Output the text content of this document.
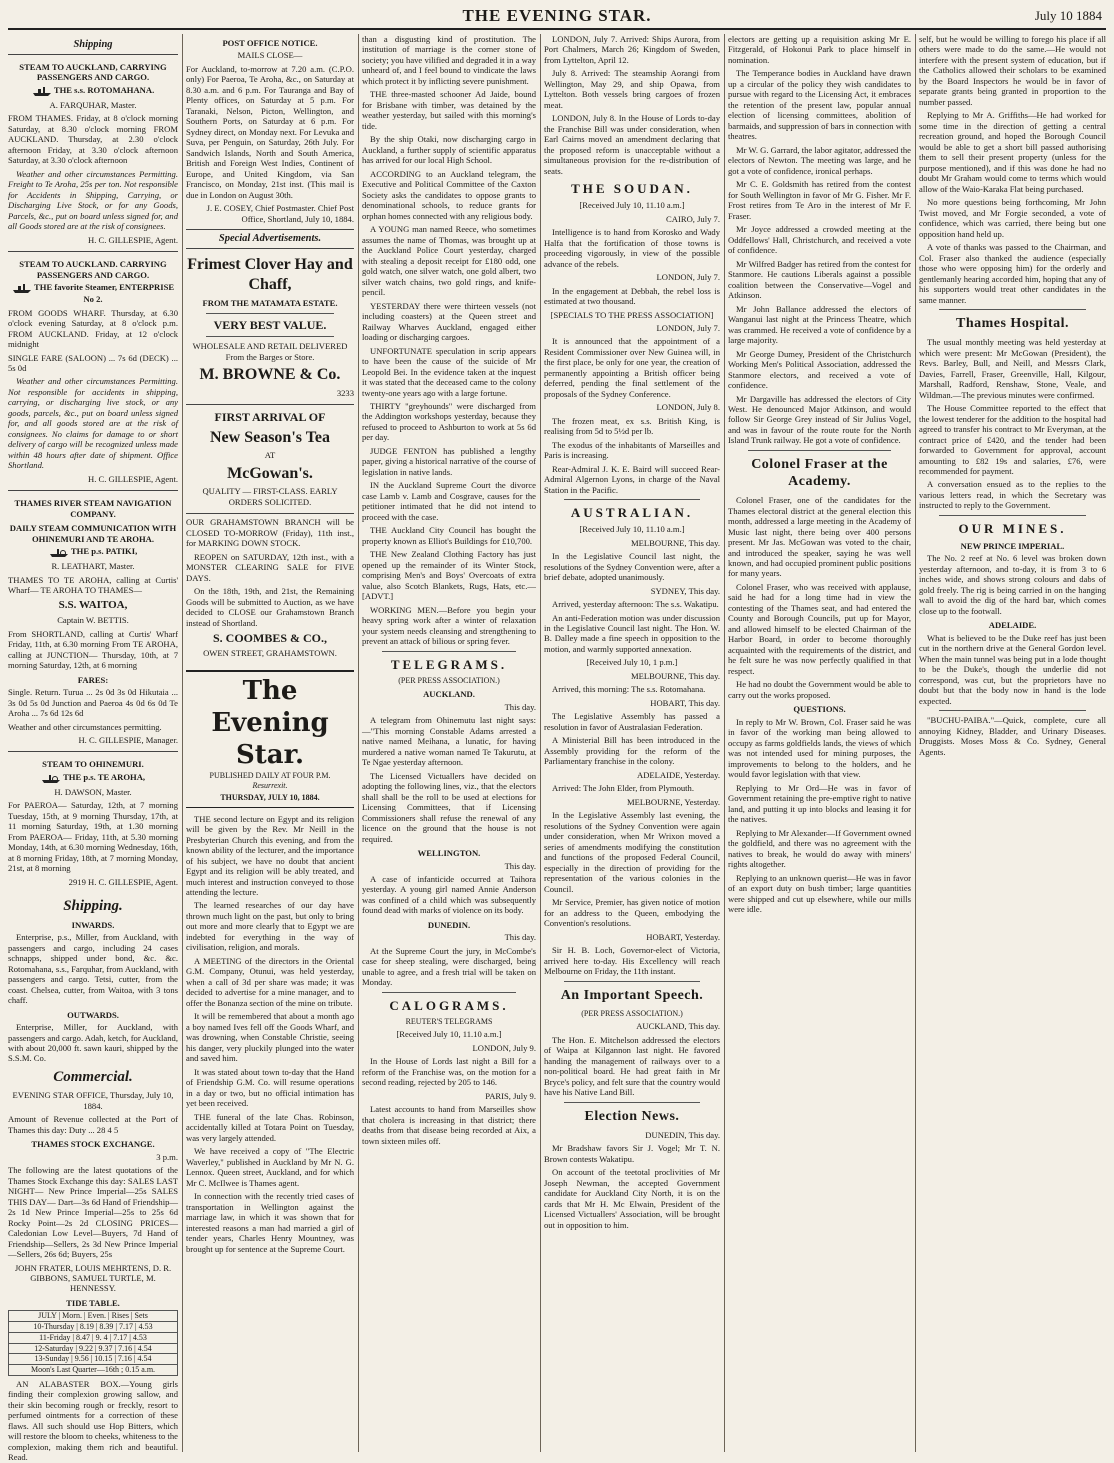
THE EVENING STAR.	July 10 1884
Shipping

STEAM TO AUCKLAND, CARRYING PASSENGERS AND CARGO.

THE s.s. ROTOMAHANA.

A. FARQUHAR, Master.

FROM THAMES. Friday, at 8 o'clock morning Saturday, at 8.30 o'clock morning FROM AUCKLAND. Thursday, at 2.30 o'clock afternoon Friday, at 3.30 o'clock afternoon Saturday, at 3.30 o'clock afternoon

Weather and other circumstances Permitting. Freight to Te Aroha, 25s per ton. Not responsible for Accidents in Shipping, Carrying, or Discharging Live Stock, or for any Goods, Parcels, &c., put on board unless signed for, and all Goods stored are at the risk of consignees.

H. C. GILLESPIE, Agent.

STEAM TO AUCKLAND. CARRYING PASSENGERS AND CARGO.

THE favorite Steamer, ENTERPRISE No 2.

FROM GOODS WHARF. Thursday, at 6.30 o'clock evening Saturday, at 8 o'clock p.m. FROM AUCKLAND. Friday, at 12 o'clock midnight

SINGLE FARE (SALOON) ... 7s 6d (DECK) ... 5s 0d

Weather and other circumstances Permitting. Not responsible for accidents in shipping, carrying, or discharging live stock, or any goods, parcels, &c., put on board unless signed for, and all goods stored are at the risk of consignees. No claims for damage to or short delivery of cargo will be recognized unless made within 48 hours after date of shipment. Office Shortland.

H. C. GILLESPIE, Agent.

THAMES RIVER STEAM NAVIGATION COMPANY.

DAILY STEAM COMMUNICATION WITH OHINEMURI AND TE AROHA.

THE p.s. PATIKI,

R. LEATHART, Master.

THAMES TO TE AROHA, calling at Curtis' Wharf— TE AROHA TO THAMES—

S.S. WAITOA,

Captain W. BETTIS.

From SHORTLAND, calling at Curtis' Wharf Friday, 11th, at 6.30 morning From TE AROHA, calling at JUNCTION— Thursday, 10th, at 7 morning Saturday, 12th, at 6 morning

FARES:

Single. Return. Turua ... 2s 0d 3s 0d Hikutaia ... 3s 0d 5s 0d Junction and Paeroa 4s 0d 6s 0d Te Aroha ... 7s 6d 12s 6d

Weather and other circumstances permitting.

H. C. GILLESPIE, Manager.

STEAM TO OHINEMURI.

THE p.s. TE AROHA,

H. DAWSON, Master.

For PAEROA— Saturday, 12th, at 7 morning Tuesday, 15th, at 9 morning Thursday, 17th, at 11 morning Saturday, 19th, at 1.30 morning From PAEROA— Friday, 11th, at 5.30 morning Monday, 14th, at 6.30 morning Wednesday, 16th, at 8 morning Friday, 18th, at 7 morning Monday, 21st, at 8 morning

2919 H. C. GILLESPIE, Agent.

Shipping.

INWARDS.

Enterprise, p.s., Miller, from Auckland, with passengers and cargo, including 24 cases schnapps, shipped under bond, &c. &c. Rotomahana, s.s., Farquhar, from Auckland, with passengers and cargo. Tetsi, cutter, from the coast. Chelsea, cutter, from Waitoa, with 3 tons chaff.

OUTWARDS.

Enterprise, Miller, for Auckland, with passengers and cargo. Adah, ketch, for Auckland, with about 20,000 ft. sawn kauri, shipped by the S.S.M. Co.

Commercial.

EVENING STAR OFFICE, Thursday, July 10, 1884.

Amount of Revenue collected at the Port of Thames this day: Duty ... 28 4 5

THAMES STOCK EXCHANGE.

3 p.m.

The following are the latest quotations of the Thames Stock Exchange this day: SALES LAST NIGHT— New Prince Imperial—25s SALES THIS DAY— Dart—3s 6d Hand of Friendship—2s 1d New Prince Imperial—25s to 25s 6d Rocky Point—2s 2d CLOSING PRICES— Caledonian Low Level—Buyers, 7d Hand of Friendship—Sellers, 2s 3d New Prince Imperial—Sellers, 26s 6d; Buyers, 25s

JOHN FRATER, LOUIS MEHRTENS, D. R. GIBBONS, SAMUEL TURTLE, M. HENNESSY.

TIDE TABLE.

JULY | Morn. | Even. | Rises | Sets
10-Thursday | 8.19 | 8.39 | 7.17 | 4.53
11-Friday | 8.47 | 9. 4 | 7.17 | 4.53
12-Saturday | 9.22 | 9.37 | 7.16 | 4.54
13-Sunday | 9.56 | 10.15 | 7.16 | 4.54
Moon's Last Quarter—16th ; 0.15 a.m.

AN ALABASTER BOX.—Young girls finding their complexion growing sallow, and their skin becoming rough or freckly, resort to perfumed ointments for a correction of these flaws. All such should use Hop Bitters, which will restore the bloom to cheeks, whiteness to the complexion, making them rich and beautiful. Read.

POST OFFICE NOTICE.

MAILS CLOSE—

For Auckland, to-morrow at 7.20 a.m. (C.P.O. only) For Paeroa, Te Aroha, &c., on Saturday at 8.30 a.m. and 6 p.m. For Tauranga and Bay of Plenty offices, on Saturday at 5 p.m. For Taranaki, Nelson, Picton, Wellington, and Southern Ports, on Saturday at 6 p.m. For Sydney direct, on Monday next. For Levuka and Suva, per Penguin, on Saturday, 26th July. For Sandwich Islands, North and South America, British and Foreign West Indies, Continent of Europe, and United Kingdom, via San Francisco, on Monday, 21st inst. (This mail is due in London on August 30th.

J. E. COSEY, Chief Postmaster. Chief Post Office, Shortland, July 10, 1884.

Special Advertisements.

Frimest Clover Hay and Chaff,

FROM THE MATAMATA ESTATE.

VERY BEST VALUE.

WHOLESALE AND RETAIL DELIVERED From the Barges or Store.

M. BROWNE & Co.

3233

FIRST ARRIVAL OF

New Season's Tea

AT

McGowan's.

QUALITY — FIRST-CLASS. EARLY ORDERS SOLICITED.

OUR GRAHAMSTOWN BRANCH will be CLOSED TO-MORROW (Friday), 11th inst., for MARKING DOWN STOCK.

REOPEN on SATURDAY, 12th inst., with a MONSTER CLEARING SALE for FIVE DAYS.

On the 18th, 19th, and 21st, the Remaining Goods will be submitted to Auction, as we have decided to CLOSE our Grahamstown Branch instead of Shortland.

S. COOMBES & CO.,

OWEN STREET, GRAHAMSTOWN.

The Evening Star.
PUBLISHED DAILY AT FOUR P.M.
Resurrexit.
THURSDAY, JULY 10, 1884.

THE second lecture on Egypt and its religion will be given by the Rev. Mr Neill in the Presbyterian Church this evening, and from the known ability of the lecturer, and the importance of his subject, we have no doubt that ancient Egypt and its religion will be ably treated, and much interest and instruction conveyed to those attending the lecture.

The learned researches of our day have thrown much light on the past, but only to bring out more and more clearly that to Egypt we are indebted for everything in the way of civilisation, religion, and morals.

A MEETING of the directors in the Oriental G.M. Company, Otunui, was held yesterday, when a call of 3d per share was made; it was decided to advertise for a mine manager, and to offer the Bonanza section of the mine on tribute.

It will be remembered that about a month ago a boy named Ives fell off the Goods Wharf, and was drowning, when Constable Christie, seeing his danger, very pluckily plunged into the water and saved him.

It was stated about town to-day that the Hand of Friendship G.M. Co. will resume operations in a day or two, but no official intimation has yet been received.

THE funeral of the late Chas. Robinson, accidentally killed at Totara Point on Tuesday, was very largely attended.

We have received a copy of "The Electric Waverley," published in Auckland by Mr N. G. Lennox. Queen street, Auckland, and for which Mr C. McIlwee is Thames agent.

In connection with the recently tried cases of transportation in Wellington against the marriage law, in which it was shown that for interested reasons a man had married a girl of tender years, Charles Henry Mountney, was brought up for sentence at the Supreme Court.

than a disgusting kind of prostitution. The institution of marriage is the corner stone of society; you have vilified and degraded it in a way unheard of, and I feel bound to vindicate the laws which protect it by inflicting severe punishment.

THE three-masted schooner Ad Jaide, bound for Brisbane with timber, was detained by the weather yesterday, but sailed with this morning's tide.

By the ship Otaki, now discharging cargo in Auckland, a further supply of scientific apparatus has arrived for our local High School.

ACCORDING to an Auckland telegram, the Executive and Political Committee of the Caxton Society asks the candidates to oppose grants to denominational schools, to reduce grants for orphan homes connected with any religious body.

A YOUNG man named Reece, who sometimes assumes the name of Thomas, was brought up at the Auckland Police Court yesterday, charged with stealing a deposit receipt for £180 odd, one gold watch, one silver watch, one gold albert, two silver watch chains, two gold rings, and knife-pencil.

YESTERDAY there were thirteen vessels (not including coasters) at the Queen street and Railway Wharves Auckland, engaged either loading or discharging cargoes.

UNFORTUNATE speculation in scrip appears to have been the cause of the suicide of Mr Leopold Bei. In the evidence taken at the inquest it was stated that the deceased came to the colony twenty-one years ago with a large fortune.

THIRTY "greyhounds" were discharged from the Addington workshops yesterday, because they refused to proceed to Ashburton to work at 5s 6d per day.

JUDGE FENTON has published a lengthy paper, giving a historical narrative of the course of legislation in native lands.

IN the Auckland Supreme Court the divorce case Lamb v. Lamb and Cosgrave, causes for the petitioner intimated that he did not intend to proceed with the case.

THE Auckland City Council has bought the property known as Elliot's Buildings for £10,700.

THE New Zealand Clothing Factory has just opened up the remainder of its Winter Stock, comprising Men's and Boys' Overcoats of extra value, also Scotch Blankets, Rugs, Hats, etc.—[ADVT.]

WORKING MEN.—Before you begin your heavy spring work after a winter of relaxation your system needs cleansing and strengthening to prevent an attack of bilious or spring fever.

TELEGRAMS.

(PER PRESS ASSOCIATION.)

AUCKLAND.

This day.

A telegram from Ohinemutu last night says:—"This morning Constable Adams arrested a native named Meihana, a lunatic, for having murdered a native woman named Te Takurutu, at Te Ngae yesterday afternoon.

The Licensed Victuallers have decided on adopting the following lines, viz., that the electors shall shall be the roll to be used at elections for Licensing Committees, that if Licensing Commissioners shall refuse the renewal of any licence on the ground that the house is not required.

WELLINGTON.

This day.

A case of infanticide occurred at Taihora yesterday. A young girl named Annie Anderson was confined of a child which was subsequently found dead with marks of violence on its body.

DUNEDIN.

This day.

At the Supreme Court the jury, in McCombe's case for sheep stealing, were discharged, being unable to agree, and a fresh trial will be taken on Monday.

CALOGRAMS.

REUTER'S TELEGRAMS

[Received July 10, 11.10 a.m.]

LONDON, July 9.

In the House of Lords last night a Bill for a reform of the Franchise was, on the motion for a second reading, rejected by 205 to 146.

PARIS, July 9.

Latest accounts to hand from Marseilles show that cholera is increasing in that district; there deaths from that disease being recorded at Aix, a town sixteen miles off.

LONDON, July 7. Arrived: Ships Aurora, from Port Chalmers, March 26; Kingdom of Sweden, from Lyttelton, April 12.

July 8. Arrived: The steamship Aorangi from Wellington, May 29, and ship Opawa, from Lyttelton. Both vessels bring cargoes of frozen meat.

LONDON, July 8. In the House of Lords to-day the Franchise Bill was under consideration, when Earl Cairns moved an amendment declaring that the proposed reform is unacceptable without a simultaneous provision for the re-distribution of seats.

THE SOUDAN.

[Received July 10, 11.10 a.m.]

CAIRO, July 7.

Intelligence is to hand from Korosko and Wady Halfa that the fortification of those towns is proceeding vigorously, in view of the possible advance of the rebels.

LONDON, July 7.

In the engagement at Debbah, the rebel loss is estimated at two thousand.

[SPECIALS TO THE PRESS ASSOCIATION]

LONDON, July 7.

It is announced that the appointment of a Resident Commissioner over New Guinea will, in the first place, be only for one year, the creation of permanently appointing a British officer being deferred, pending the final settlement of the proposals of the Sydney Conference.

LONDON, July 8.

The frozen meat, ex s.s. British King, is realising from 5d to 5½d per lb.

The exodus of the inhabitants of Marseilles and Paris is increasing.

Rear-Admiral J. K. E. Baird will succeed Rear-Admiral Algernon Lyons, in charge of the Naval Station in the Pacific.

AUSTRALIAN.

[Received July 10, 11.10 a.m.]

MELBOURNE, This day.

In the Legislative Council last night, the resolutions of the Sydney Convention were, after a brief debate, adopted unanimously.

SYDNEY, This day.

Arrived, yesterday afternoon: The s.s. Wakatipu.

An anti-Federation motion was under discussion in the Legislative Council last night. The Hon. W. B. Dalley made a fine speech in opposition to the motion, and warmly supported annexation.

[Received July 10, 1 p.m.]

MELBOURNE, This day.

Arrived, this morning: The s.s. Rotomahana.

HOBART, This day.

The Legislative Assembly has passed a resolution in favor of Australasian Federation.

A Ministerial Bill has been introduced in the Assembly providing for the reform of the Parliamentary franchise in the colony.

ADELAIDE, Yesterday.

Arrived: The John Elder, from Plymouth.

MELBOURNE, Yesterday.

In the Legislative Assembly last evening, the resolutions of the Sydney Convention were again under consideration, when Mr Wrixon moved a series of amendments modifying the constitution and functions of the proposed Federal Council, especially in the direction of providing for the representation of the various colonies in the Council.

Mr Service, Premier, has given notice of motion for an address to the Queen, embodying the Convention's resolutions.

HOBART, Yesterday.

Sir H. B. Loch, Governor-elect of Victoria, arrived here to-day. His Excellency will reach Melbourne on Friday, the 11th instant.

An Important Speech.

(PER PRESS ASSOCIATION.)

AUCKLAND, This day.

The Hon. E. Mitchelson addressed the electors of Waipa at Kilgannon last night. He favored handing the management of railways over to a non-political board. He had great faith in Mr Bryce's policy, and felt sure that the country would have his Native Land Bill.

Election News.

DUNEDIN, This day.

Mr Bradshaw favors Sir J. Vogel; Mr T. N. Brown contests Wakatipu.

On account of the teetotal proclivities of Mr Joseph Newman, the accepted Government candidate for Auckland City North, it is on the cards that Mr H. Mc Elwain, President of the Licensed Victuallers' Association, will be brought out in opposition to him.

electors are getting up a requisition asking Mr E. Fitzgerald, of Hokonui Park to place himself in nomination.

The Temperance bodies in Auckland have drawn up a circular of the policy they wish candidates to pursue with regard to the Licensing Act, it embraces the retention of the present law, popular annual election of licensing committees, abolition of barmaids, and suppression of bars in connection with theatres.

Mr W. G. Garrard, the labor agitator, addressed the electors of Newton. The meeting was large, and he got a vote of confidence, ironical perhaps.

Mr C. E. Goldsmith has retired from the contest for South Wellington in favor of Mr G. Fisher. Mr F. Frost retires from Te Aro in the interest of Mr F. Fraser.

Mr Joyce addressed a crowded meeting at the Oddfellows' Hall, Christchurch, and received a vote of confidence.

Mr Wilfred Badger has retired from the contest for Stanmore. He cautions Liberals against a possible coalition between the Conservative—Vogel and Atkinson.

Mr John Ballance addressed the electors of Wanganui last night at the Princess Theatre, which was crammed. He received a vote of confidence by a large majority.

Mr George Dumey, President of the Christchurch Working Men's Political Association, addressed the Stanmore electors, and received a vote of confidence.

Mr Dargaville has addressed the electors of City West. He denounced Major Atkinson, and would follow Sir George Grey instead of Sir Julius Vogel, and was in favour of the route route for the North Island Trunk railway. He got a vote of confidence.

Colonel Fraser at the Academy.

Colonel Fraser, one of the candidates for the Thames electoral district at the general election this month, addressed a large meeting in the Academy of Music last night, there being over 400 persons present. Mr Jas. McGowan was voted to the chair, and introduced the speaker, saying he was well known, and had occupied prominent public positions for many years.

Colonel Fraser, who was received with applause, said he had for a long time had in view the contesting of the Thames seat, and had entered the County and Borough Councils, put up for Mayor, and allowed himself to be elected Chairman of the Harbor Board, in order to become thoroughly acquainted with the requirements of the district, and he felt sure he was now perfectly qualified in that respect.

He had no doubt the Government would be able to carry out the works proposed.

QUESTIONS.

In reply to Mr W. Brown, Col. Fraser said he was in favor of the working man being allowed to occupy as farms goldfields lands, the views of which was not intended used for mining purposes, the improvements to belong to the holders, and he would favor legislation with that view.

Replying to Mr Ord—He was in favor of Government retaining the pre-emptive right to native land, and putting it up into blocks and leasing it for the natives.

Replying to Mr Alexander—If Government owned the goldfield, and there was no agreement with the natives to break, he would do away with miners' rights altogether.

Replying to an unknown querist—He was in favor of an export duty on bush timber; large quantities were shipped and cut up elsewhere, while our mills were idle.

self, but he would be willing to forego his place if all others were made to do the same.—He would not interfere with the present system of education, but if the Catholics allowed their scholars to be examined by the Board Inspectors he would be in favor of separate grants being granted in proportion to the number passed.

Replying to Mr A. Griffiths—He had worked for some time in the direction of getting a central recreation ground, and hoped the Borough Council would be able to get a short bill passed authorising them to sell their present property (unless for the purpose mentioned), and if this was done he had no doubt Mr Graham would come to terms which would allow of the Waio-Karaka Flat being purchased.

No more questions being forthcoming, Mr John Twist moved, and Mr Forgie seconded, a vote of confidence, which was carried, there being but one opposition hand held up.

A vote of thanks was passed to the Chairman, and Col. Fraser also thanked the audience (especially those who were opposing him) for the orderly and gentlemanly hearing accorded him, hoping that any of his supporters would treat other candidates in the same manner.

Thames Hospital.

The usual monthly meeting was held yesterday at which were present: Mr McGowan (President), the Revs. Barley, Bull, and Neill, and Messrs Clark, Davies, Farrell, Fraser, Greenville, Hall, Kilgour, Marshall, Radford, Renshaw, Stone, Veale, and Wildman.—The previous minutes were confirmed.

The House Committee reported to the effect that the lowest tenderer for the addition to the hospital had agreed to transfer his contract to Mr Everyman, at the contract price of £420, and the tender had been forwarded to Government for approval, account amounting to £82 19s and salaries, £76, were recommended for payment.

A conversation ensued as to the replies to the various letters read, in which the Secretary was instructed to reply to the Government.

OUR MINES.

NEW PRINCE IMPERIAL.

The No. 2 reef at No. 6 level was broken down yesterday afternoon, and to-day, it is from 3 to 6 inches wide, and shows strong colours and dabs of gold freely. The rig is being carried in on the hanging wall to avoid the dig of the hard bar, which comes close up to the footwall.

ADELAIDE.

What is believed to be the Duke reef has just been cut in the northern drive at the General Gordon level. When the main tunnel was being put in a lode thought to be the Duke's, though the underlie did not correspond, was cut, but the proprietors have no doubt but that the body now in hand is the lode expected.

"BUCHU-PAIBA."—Quick, complete, cure all annoying Kidney, Bladder, and Urinary Diseases. Druggists. Moses Moss & Co. Sydney, General Agents.
